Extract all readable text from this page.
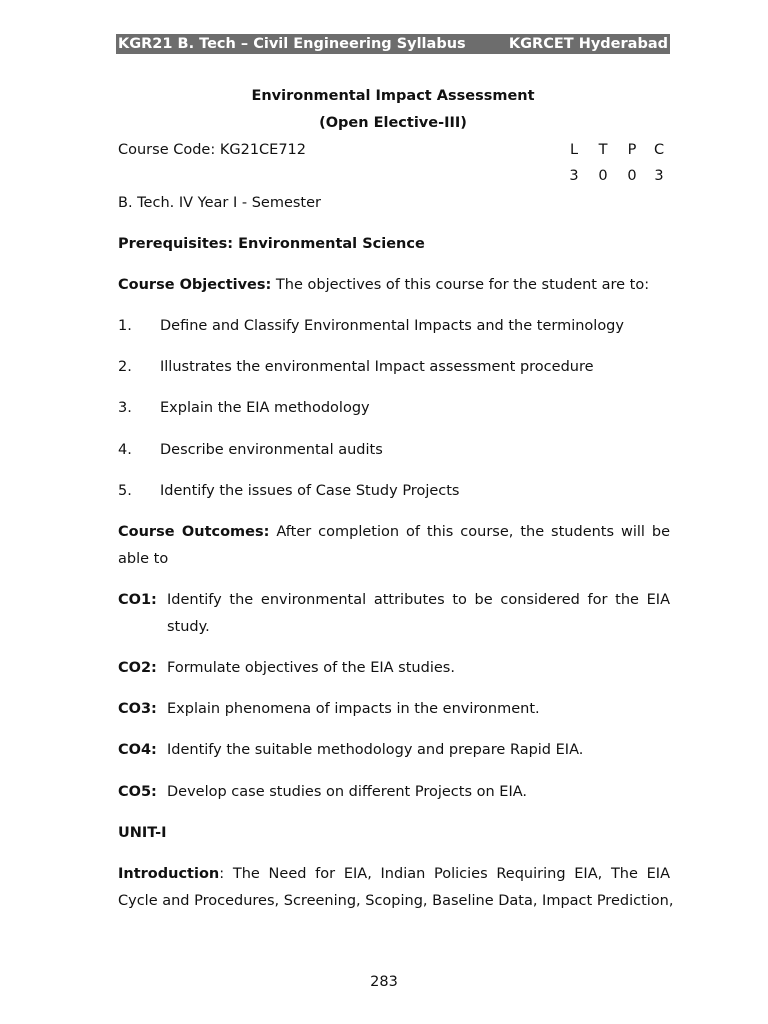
KGR21 B. Tech – Civil Engineering Syllabus	KGRCET Hyderabad
Environmental Impact Assessment
(Open Elective-III)
Course Code: KG21CE712	L T P C
3 0 0 3
B. Tech. IV Year I - Semester
Prerequisites: Environmental Science
Course Objectives: The objectives of this course for the student are to:
1. Define and Classify Environmental Impacts and the terminology
2. Illustrates the environmental Impact assessment procedure
3. Explain the EIA methodology
4. Describe environmental audits
5. Identify the issues of Case Study Projects
Course Outcomes: After completion of this course, the students will be
able to
CO1: Identify the environmental attributes to be considered for the EIA
study.
CO2: Formulate objectives of the EIA studies.
CO3: Explain phenomena of impacts in the environment.
CO4: Identify the suitable methodology and prepare Rapid EIA.
CO5: Develop case studies on different Projects on EIA.
UNIT-I
Introduction: The Need for EIA, Indian Policies Requiring EIA, The EIA
Cycle and Procedures, Screening, Scoping, Baseline Data, Impact Prediction,
283
